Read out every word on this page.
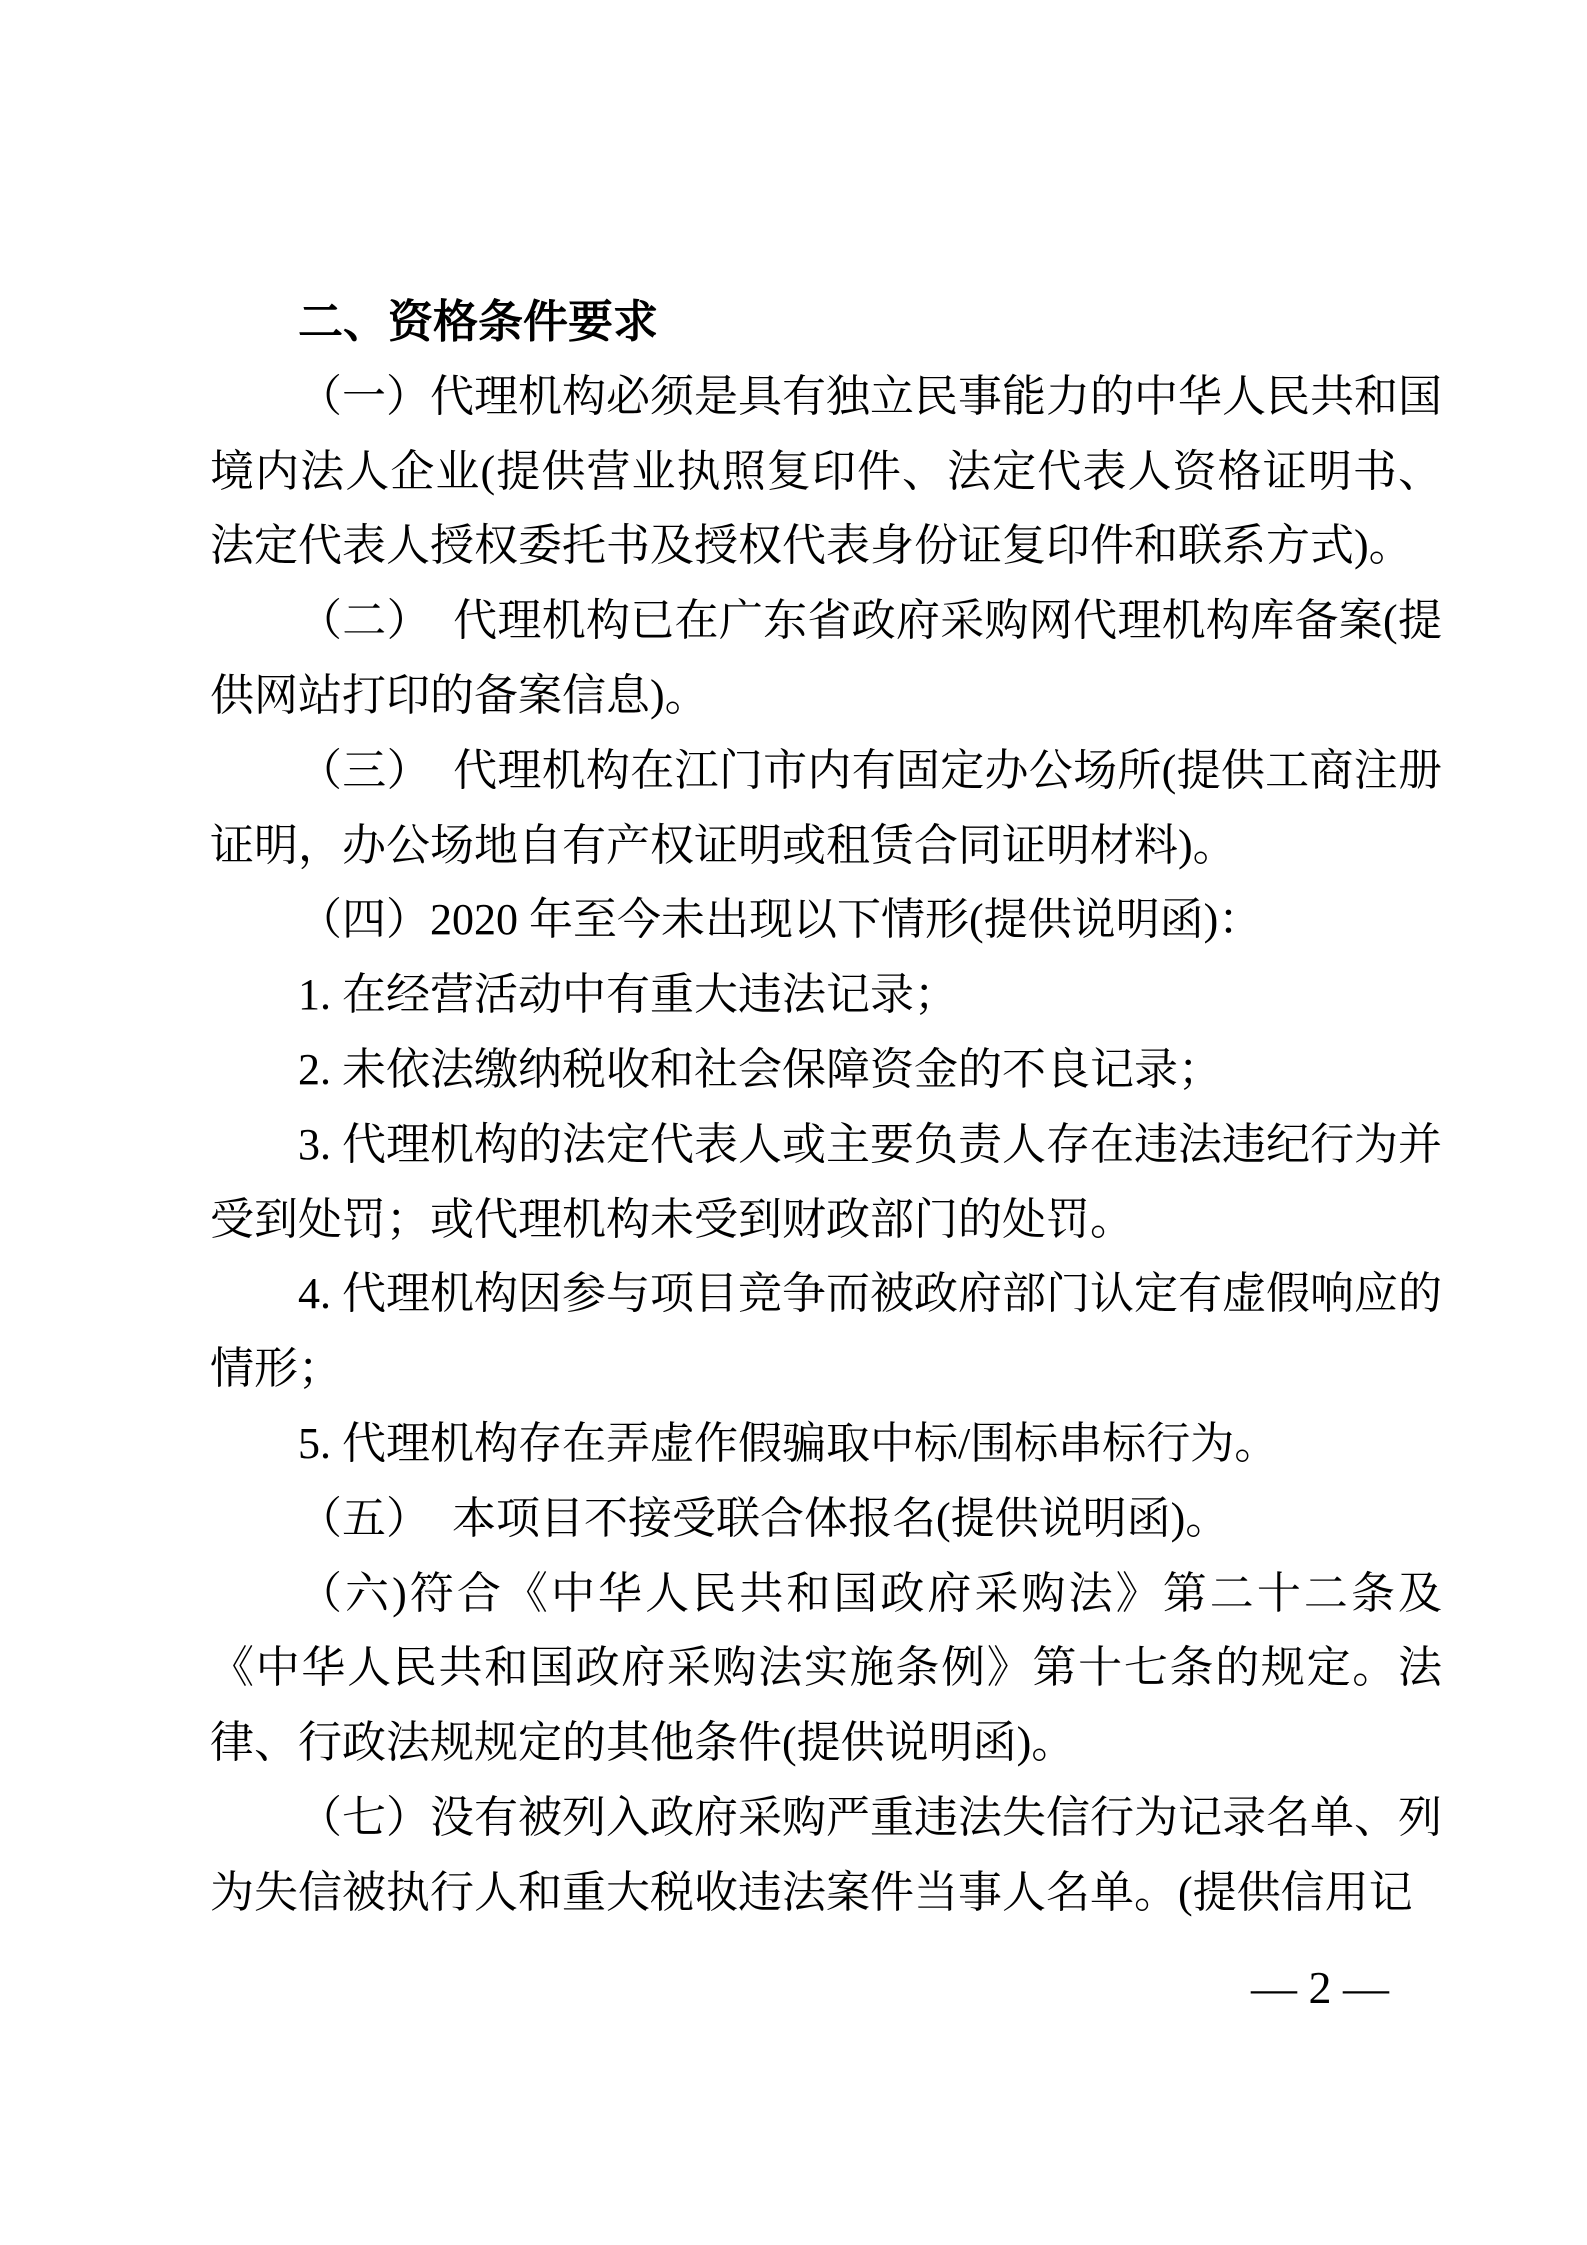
二、资格条件要求

（一）代理机构必须是具有独立民事能力的中华人民共和国境内法人企业(提供营业执照复印件、法定代表人资格证明书、法定代表人授权委托书及授权代表身份证复印件和联系方式)。

（二）　代理机构已在广东省政府采购网代理机构库备案(提供网站打印的备案信息)。

（三）　代理机构在江门市内有固定办公场所(提供工商注册证明，办公场地自有产权证明或租赁合同证明材料)。

（四）2020 年至今未出现以下情形(提供说明函)：

1. 在经营活动中有重大违法记录；

2. 未依法缴纳税收和社会保障资金的不良记录；

3. 代理机构的法定代表人或主要负责人存在违法违纪行为并受到处罚；或代理机构未受到财政部门的处罚。

4. 代理机构因参与项目竞争而被政府部门认定有虚假响应的情形；

5. 代理机构存在弄虚作假骗取中标/围标串标行为。

（五）　本项目不接受联合体报名(提供说明函)。

（六)符合《中华人民共和国政府采购法》第二十二条及《中华人民共和国政府采购法实施条例》第十七条的规定。法律、行政法规规定的其他条件(提供说明函)。

（七）没有被列入政府采购严重违法失信行为记录名单、列为失信被执行人和重大税收违法案件当事人名单。(提供信用记

— 2 —
